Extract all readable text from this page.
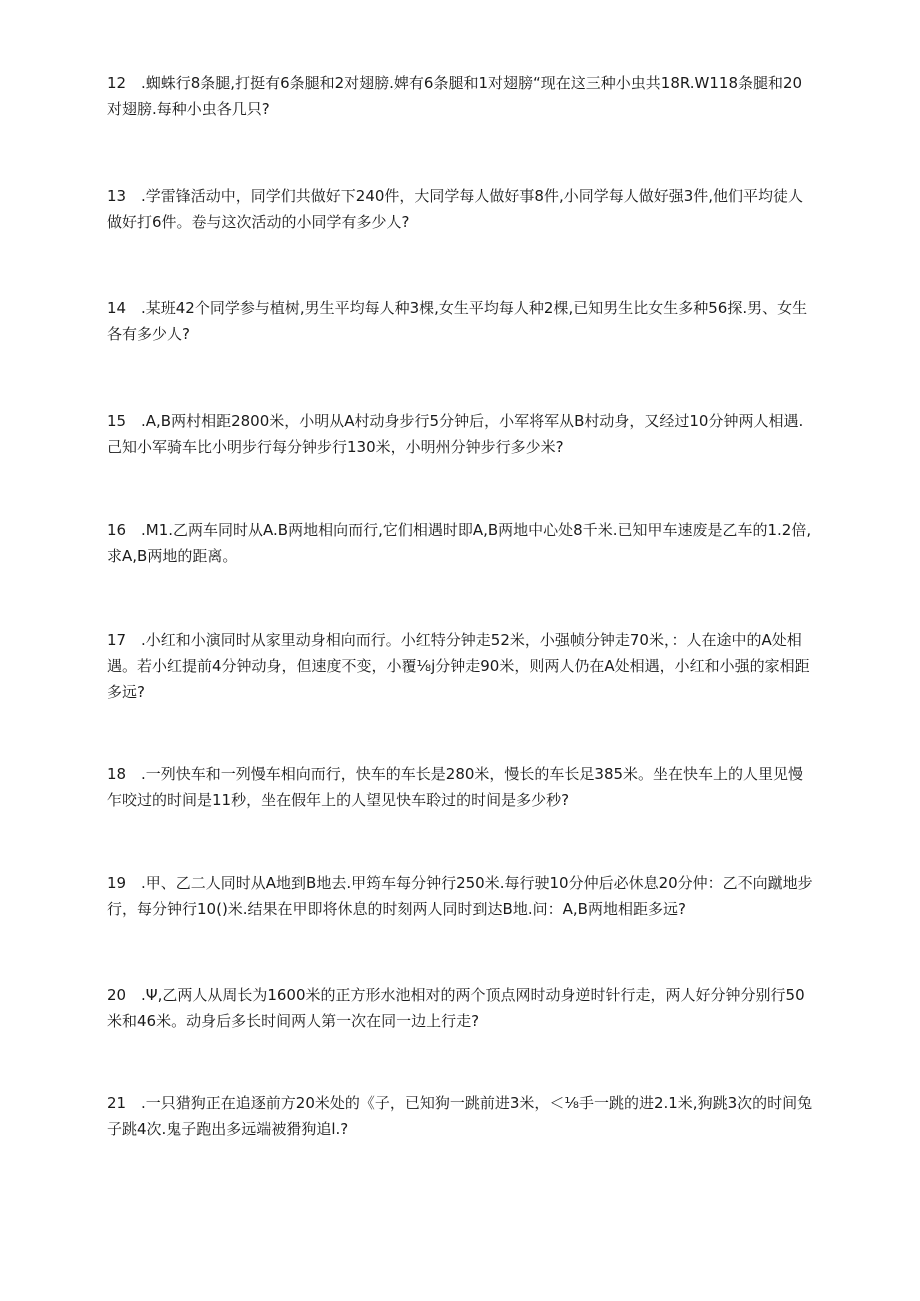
12 .蜘蛛行8条腿,打挺有6条腿和2对翅膀.婢有6条腿和1对翅膀“现在这三种小虫共18R.W118条腿和20对翅膀.每种小虫各几只?

13 .学雷锋活动中，同学们共做好下240件，大同学每人做好事8件,小同学每人做好强3件,他们平均徒人做好打6件。卷与这次活动的小同学有多少人?

14 .某班42个同学参与植树,男生平均每人种3棵,女生平均每人种2棵,已知男生比女生多种56探.男、女生各有多少人?

15 .A,B两村相距2800米，小明从A村动身步行5分钟后，小军将军从B村动身，又经过10分钟两人相遇.己知小军骑车比小明步行每分钟步行130米，小明州分钟步行多少米?

16 .M1.乙两车同时从A.B两地相向而行,它们相遇时即A,B两地中心处8千米.已知甲车速废是乙车的1.2倍,求A,B两地的距离。

17 .小红和小演同时从家里动身相向而行。小红特分钟走52米，小强帧分钟走70米，：人在途中的A处相遇。若小红提前4分钟动身，但速度不变，小覆⅛j分钟走90米，则两人仍在A处相遇，小红和小强的家相距多远?

18 .一列快车和一列慢车相向而行，快车的车长是280米，慢长的车长足385米。坐在快车上的人里见慢乍咬过的时间是11秒，坐在假年上的人望见快车聆过的时间是多少秒?

19 .甲、乙二人同时从A地到B地去.甲筠车每分钟行250米.每行驶10分仲后必休息20分仲：乙不向蹴地步行，每分钟行10()米.结果在甲即将休息的时刻两人同时到达B地.问：A,B两地相距多远?

20 .Ψ,乙两人从周长为1600米的正方形水池相对的两个顶点网时动身逆时针行走，两人好分钟分别行50米和46米。动身后多长时间两人第一次在同一边上行走?

21 .一只猎狗正在追逐前方20米处的《子，已知狗一跳前进3米，＜⅛手一跳的进2.1米,狗跳3次的时间兔子跳4次.鬼子跑出多远端被猾狗追l.?
